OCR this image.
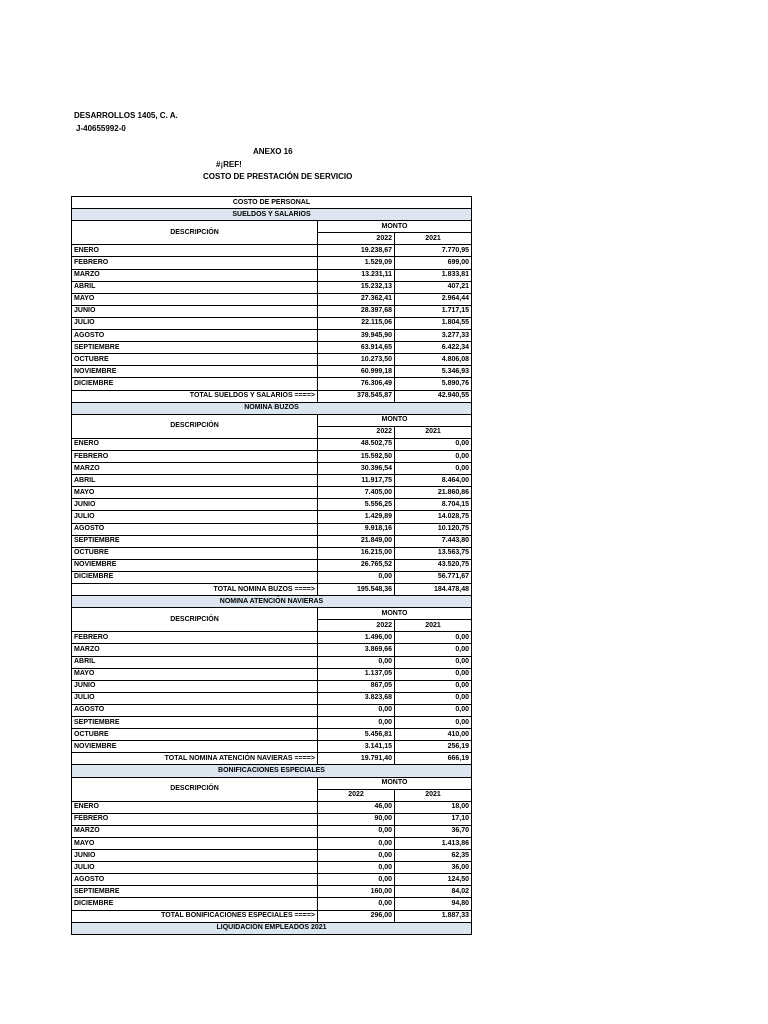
DESARROLLOS 1405, C. A.
J-40655992-0
ANEXO 16
#¡REF!
COSTO DE PRESTACIÓN DE SERVICIO
COSTO DE PERSONAL		
SUELDOS Y SALARIOS		
DESCRIPCIÓN	MONTO	
	2022	2021
ENERO	19.238,67	7.770,95
FEBRERO	1.529,09	699,00
MARZO	13.231,11	1.833,81
ABRIL	15.232,13	407,21
MAYO	27.362,41	2.964,44
JUNIO	28.397,68	1.717,15
JULIO	22.115,06	1.804,55
AGOSTO	39.945,90	3.277,33
SEPTIEMBRE	63.914,65	6.422,34
OCTUBRE	10.273,50	4.806,08
NOVIEMBRE	60.999,18	5.346,93
DICIEMBRE	76.306,49	5.890,76
TOTAL SUELDOS Y SALARIOS ====>	378.545,87	42.940,55
NOMINA BUZOS		
DESCRIPCIÓN	MONTO	
	2022	2021
ENERO	48.502,75	0,00
FEBRERO	15.592,50	0,00
MARZO	30.396,54	0,00
ABRIL	11.917,75	8.464,00
MAYO	7.405,00	21.860,86
JUNIO	5.556,25	8.704,15
JULIO	1.429,89	14.028,75
AGOSTO	9.918,16	10.120,75
SEPTIEMBRE	21.849,00	7.443,80
OCTUBRE	16.215,00	13.563,75
NOVIEMBRE	26.765,52	43.520,75
DICIEMBRE	0,00	56.771,67
TOTAL NOMINA BUZOS ====>	195.548,36	184.478,48
NOMINA ATENCIÓN NAVIERAS		
DESCRIPCIÓN	MONTO	
	2022	2021
FEBRERO	1.496,00	0,00
MARZO	3.869,66	0,00
ABRIL	0,00	0,00
MAYO	1.137,05	0,00
JUNIO	867,05	0,00
JULIO	3.823,68	0,00
AGOSTO	0,00	0,00
SEPTIEMBRE	0,00	0,00
OCTUBRE	5.456,81	410,00
NOVIEMBRE	3.141,15	256,19
TOTAL NOMINA ATENCIÓN NAVIERAS ====>	19.791,40	666,19
BONIFICACIONES ESPECIALES		
DESCRIPCIÓN	MONTO	
	2022	2021
ENERO	46,00	18,00
FEBRERO	90,00	17,10
MARZO	0,00	36,70
MAYO	0,00	1.413,86
JUNIO	0,00	62,35
JULIO	0,00	36,00
AGOSTO	0,00	124,50
SEPTIEMBRE	160,00	84,02
DICIEMBRE	0,00	94,80
TOTAL BONIFICACIONES ESPECIALES ====>	296,00	1.887,33
LIQUIDACIÓN EMPLEADOS 2021		
